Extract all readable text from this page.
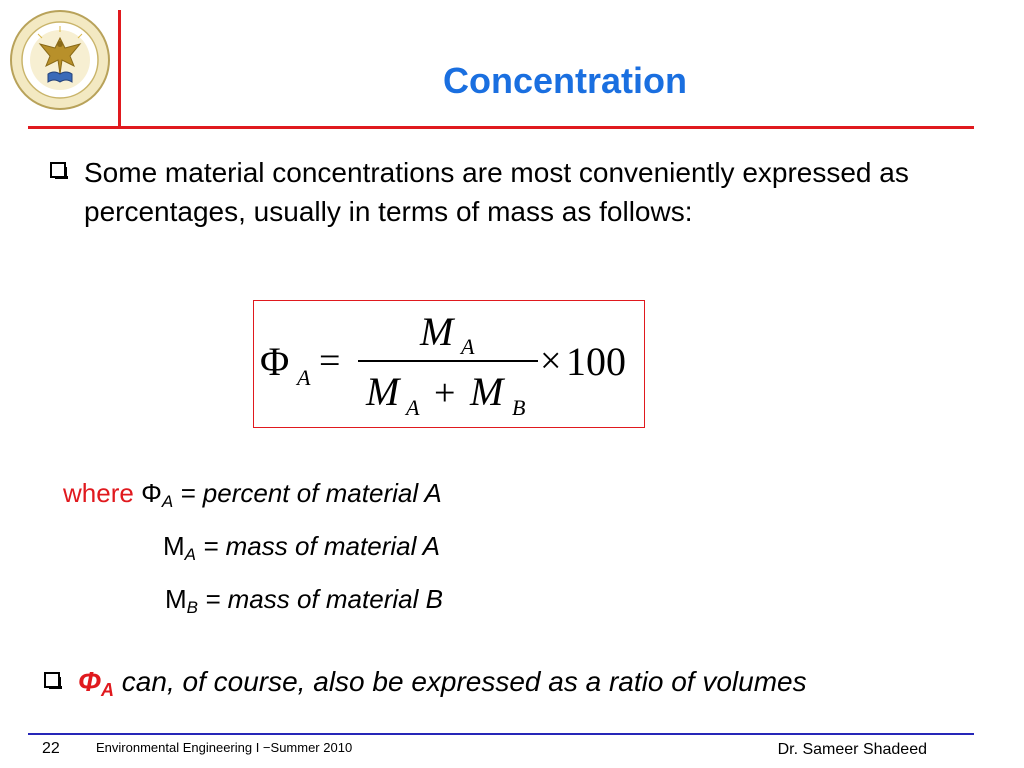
Concentration
Some material concentrations are most conveniently expressed as percentages, usually in terms of mass as follows:
Φ A =
M A
M A + M B
× 100
where $\Phi_A$ = percent of material A
$M_A$ = mass of material A
$M_B$ = mass of material B
$\Phi_A$ can, of course, also be expressed as a ratio of volumes
22	Environmental Engineering I −Summer 2010	Dr. Sameer Shadeed
